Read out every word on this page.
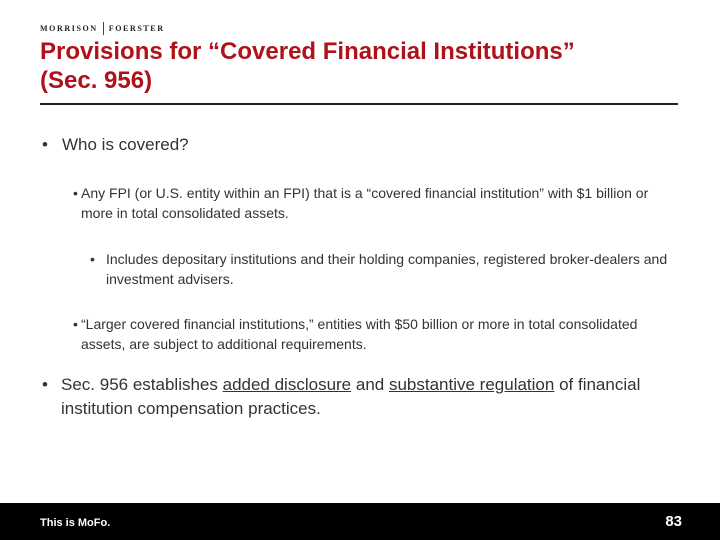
MORRISON FOERSTER
Provisions for “Covered Financial Institutions”
(Sec. 956)

• Who is covered?

• Any FPI (or U.S. entity within an FPI) that is a “covered financial institution” with $1 billion or more in total consolidated assets.

• Includes depositary institutions and their holding companies, registered broker-dealers and investment advisers.

• “Larger covered financial institutions,” entities with $50 billion or more in total consolidated assets, are subject to additional requirements.

• Sec. 956 establishes added disclosure and substantive regulation of financial institution compensation practices.

This is MoFo.	83
